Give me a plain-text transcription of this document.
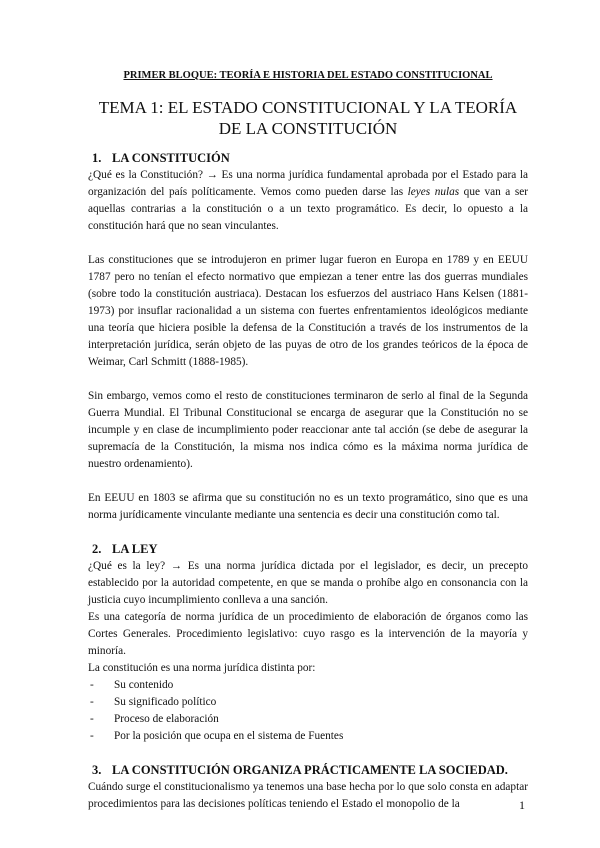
PRIMER BLOQUE: TEORÍA E HISTORIA DEL ESTADO CONSTITUCIONAL
TEMA 1: EL ESTADO CONSTITUCIONAL Y LA TEORÍA DE LA CONSTITUCIÓN
1. LA CONSTITUCIÓN

¿Qué es la Constitución? → Es una norma jurídica fundamental aprobada por el Estado para la organización del país políticamente. Vemos como pueden darse las leyes nulas que van a ser aquellas contrarias a la constitución o a un texto programático. Es decir, lo opuesto a la constitución hará que no sean vinculantes.

Las constituciones que se introdujeron en primer lugar fueron en Europa en 1789 y en EEUU 1787 pero no tenían el efecto normativo que empiezan a tener entre las dos guerras mundiales (sobre todo la constitución austriaca). Destacan los esfuerzos del austriaco Hans Kelsen (1881-1973) por insuflar racionalidad a un sistema con fuertes enfrentamientos ideológicos mediante una teoría que hiciera posible la defensa de la Constitución a través de los instrumentos de la interpretación jurídica, serán objeto de las puyas de otro de los grandes teóricos de la época de Weimar, Carl Schmitt (1888-1985).

Sin embargo, vemos como el resto de constituciones terminaron de serlo al final de la Segunda Guerra Mundial. El Tribunal Constitucional se encarga de asegurar que la Constitución no se incumple y en clase de incumplimiento poder reaccionar ante tal acción (se debe de asegurar la supremacía de la Constitución, la misma nos indica cómo es la máxima norma jurídica de nuestro ordenamiento).

En EEUU en 1803 se afirma que su constitución no es un texto programático, sino que es una norma jurídicamente vinculante mediante una sentencia es decir una constitución como tal.

2. LA LEY

¿Qué es la ley? → Es una norma jurídica dictada por el legislador, es decir, un precepto establecido por la autoridad competente, en que se manda o prohíbe algo en consonancia con la justicia cuyo incumplimiento conlleva a una sanción.

Es una categoría de norma jurídica de un procedimiento de elaboración de órganos como las Cortes Generales. Procedimiento legislativo: cuyo rasgo es la intervención de la mayoría y minoría.

La constitución es una norma jurídica distinta por:

-	Su contenido
-	Su significado político
-	Proceso de elaboración
-	Por la posición que ocupa en el sistema de Fuentes
3. LA CONSTITUCIÓN ORGANIZA PRÁCTICAMENTE LA SOCIEDAD.

Cuándo surge el constitucionalismo ya tenemos una base hecha por lo que solo consta en adaptar procedimientos para las decisiones políticas teniendo el Estado el monopolio de la	1
